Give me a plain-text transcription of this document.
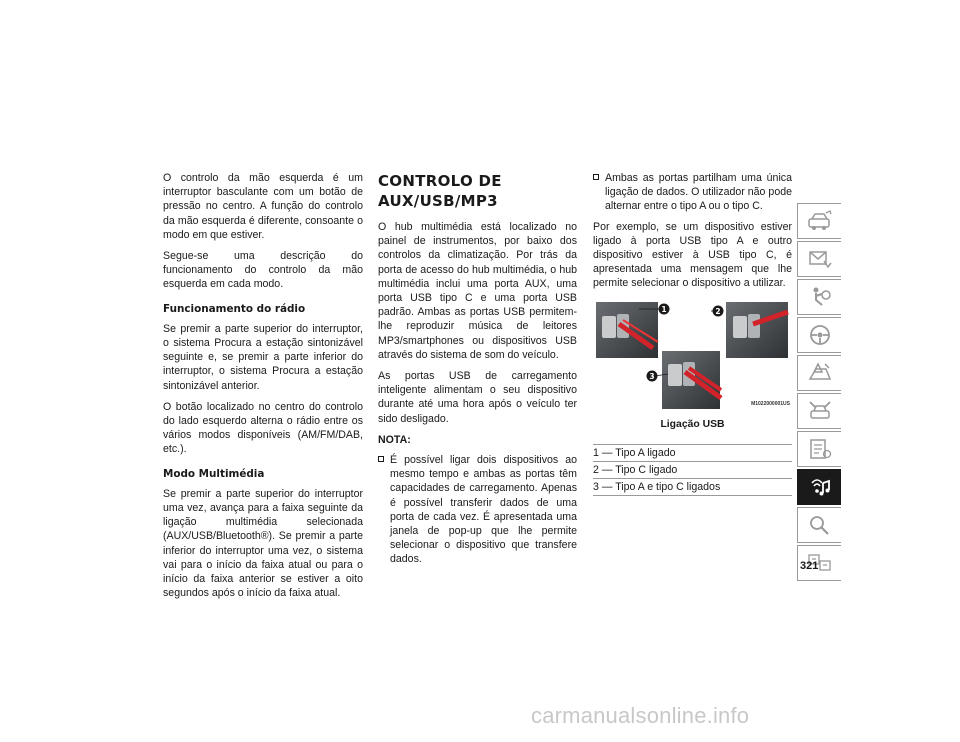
O controlo da mão esquerda é um interruptor basculante com um botão de pressão no centro. A função do controlo da mão esquerda é diferente, consoante o modo em que estiver.

Segue-se uma descrição do funcionamento do controlo da mão esquerda em cada modo.

Funcionamento do rádio

Se premir a parte superior do interruptor, o sistema Procura a estação sintonizável seguinte e, se premir a parte inferior do interruptor, o sistema Procura a estação sintonizável anterior.

O botão localizado no centro do controlo do lado esquerdo alterna o rádio entre os vários modos disponíveis (AM/FM/DAB, etc.).

Modo Multimédia

Se premir a parte superior do interruptor uma vez, avança para a faixa seguinte da ligação multimédia selecionada (AUX/USB/Bluetooth®). Se premir a parte inferior do interruptor uma vez, o sistema vai para o início da faixa atual ou para o início da faixa anterior se estiver a oito segundos após o início da faixa atual.

CONTROLO DE AUX/USB/MP3

O hub multimédia está localizado no painel de instrumentos, por baixo dos controlos da climatização. Por trás da porta de acesso do hub multimédia, o hub multimédia inclui uma porta AUX, uma porta USB tipo C e uma porta USB padrão. Ambas as portas USB permitem-lhe reproduzir música de leitores MP3/smartphones ou dispositivos USB através do sistema de som do veículo.

As portas USB de carregamento inteligente alimentam o seu dispositivo durante até uma hora após o veículo ter sido desligado.

NOTA:
É possível ligar dois dispositivos ao mesmo tempo e ambas as portas têm capacidades de carregamento. Apenas é possível transferir dados de uma porta de cada vez. É apresentada uma janela de pop-up que lhe permite selecionar o dispositivo que transfere dados.
Ambas as portas partilham uma única ligação de dados. O utilizador não pode alternar entre o tipo A ou o tipo C.

Por exemplo, se um dispositivo estiver ligado à porta USB tipo A e outro dispositivo estiver à USB tipo C, é apresentada uma mensagem que lhe permite selecionar o dispositivo a utilizar.

1	2
3
M1022000001US
Ligação USB
1 — Tipo A ligado
2 — Tipo C ligado
3 — Tipo A e tipo C ligados
321
carmanualsonline.info
